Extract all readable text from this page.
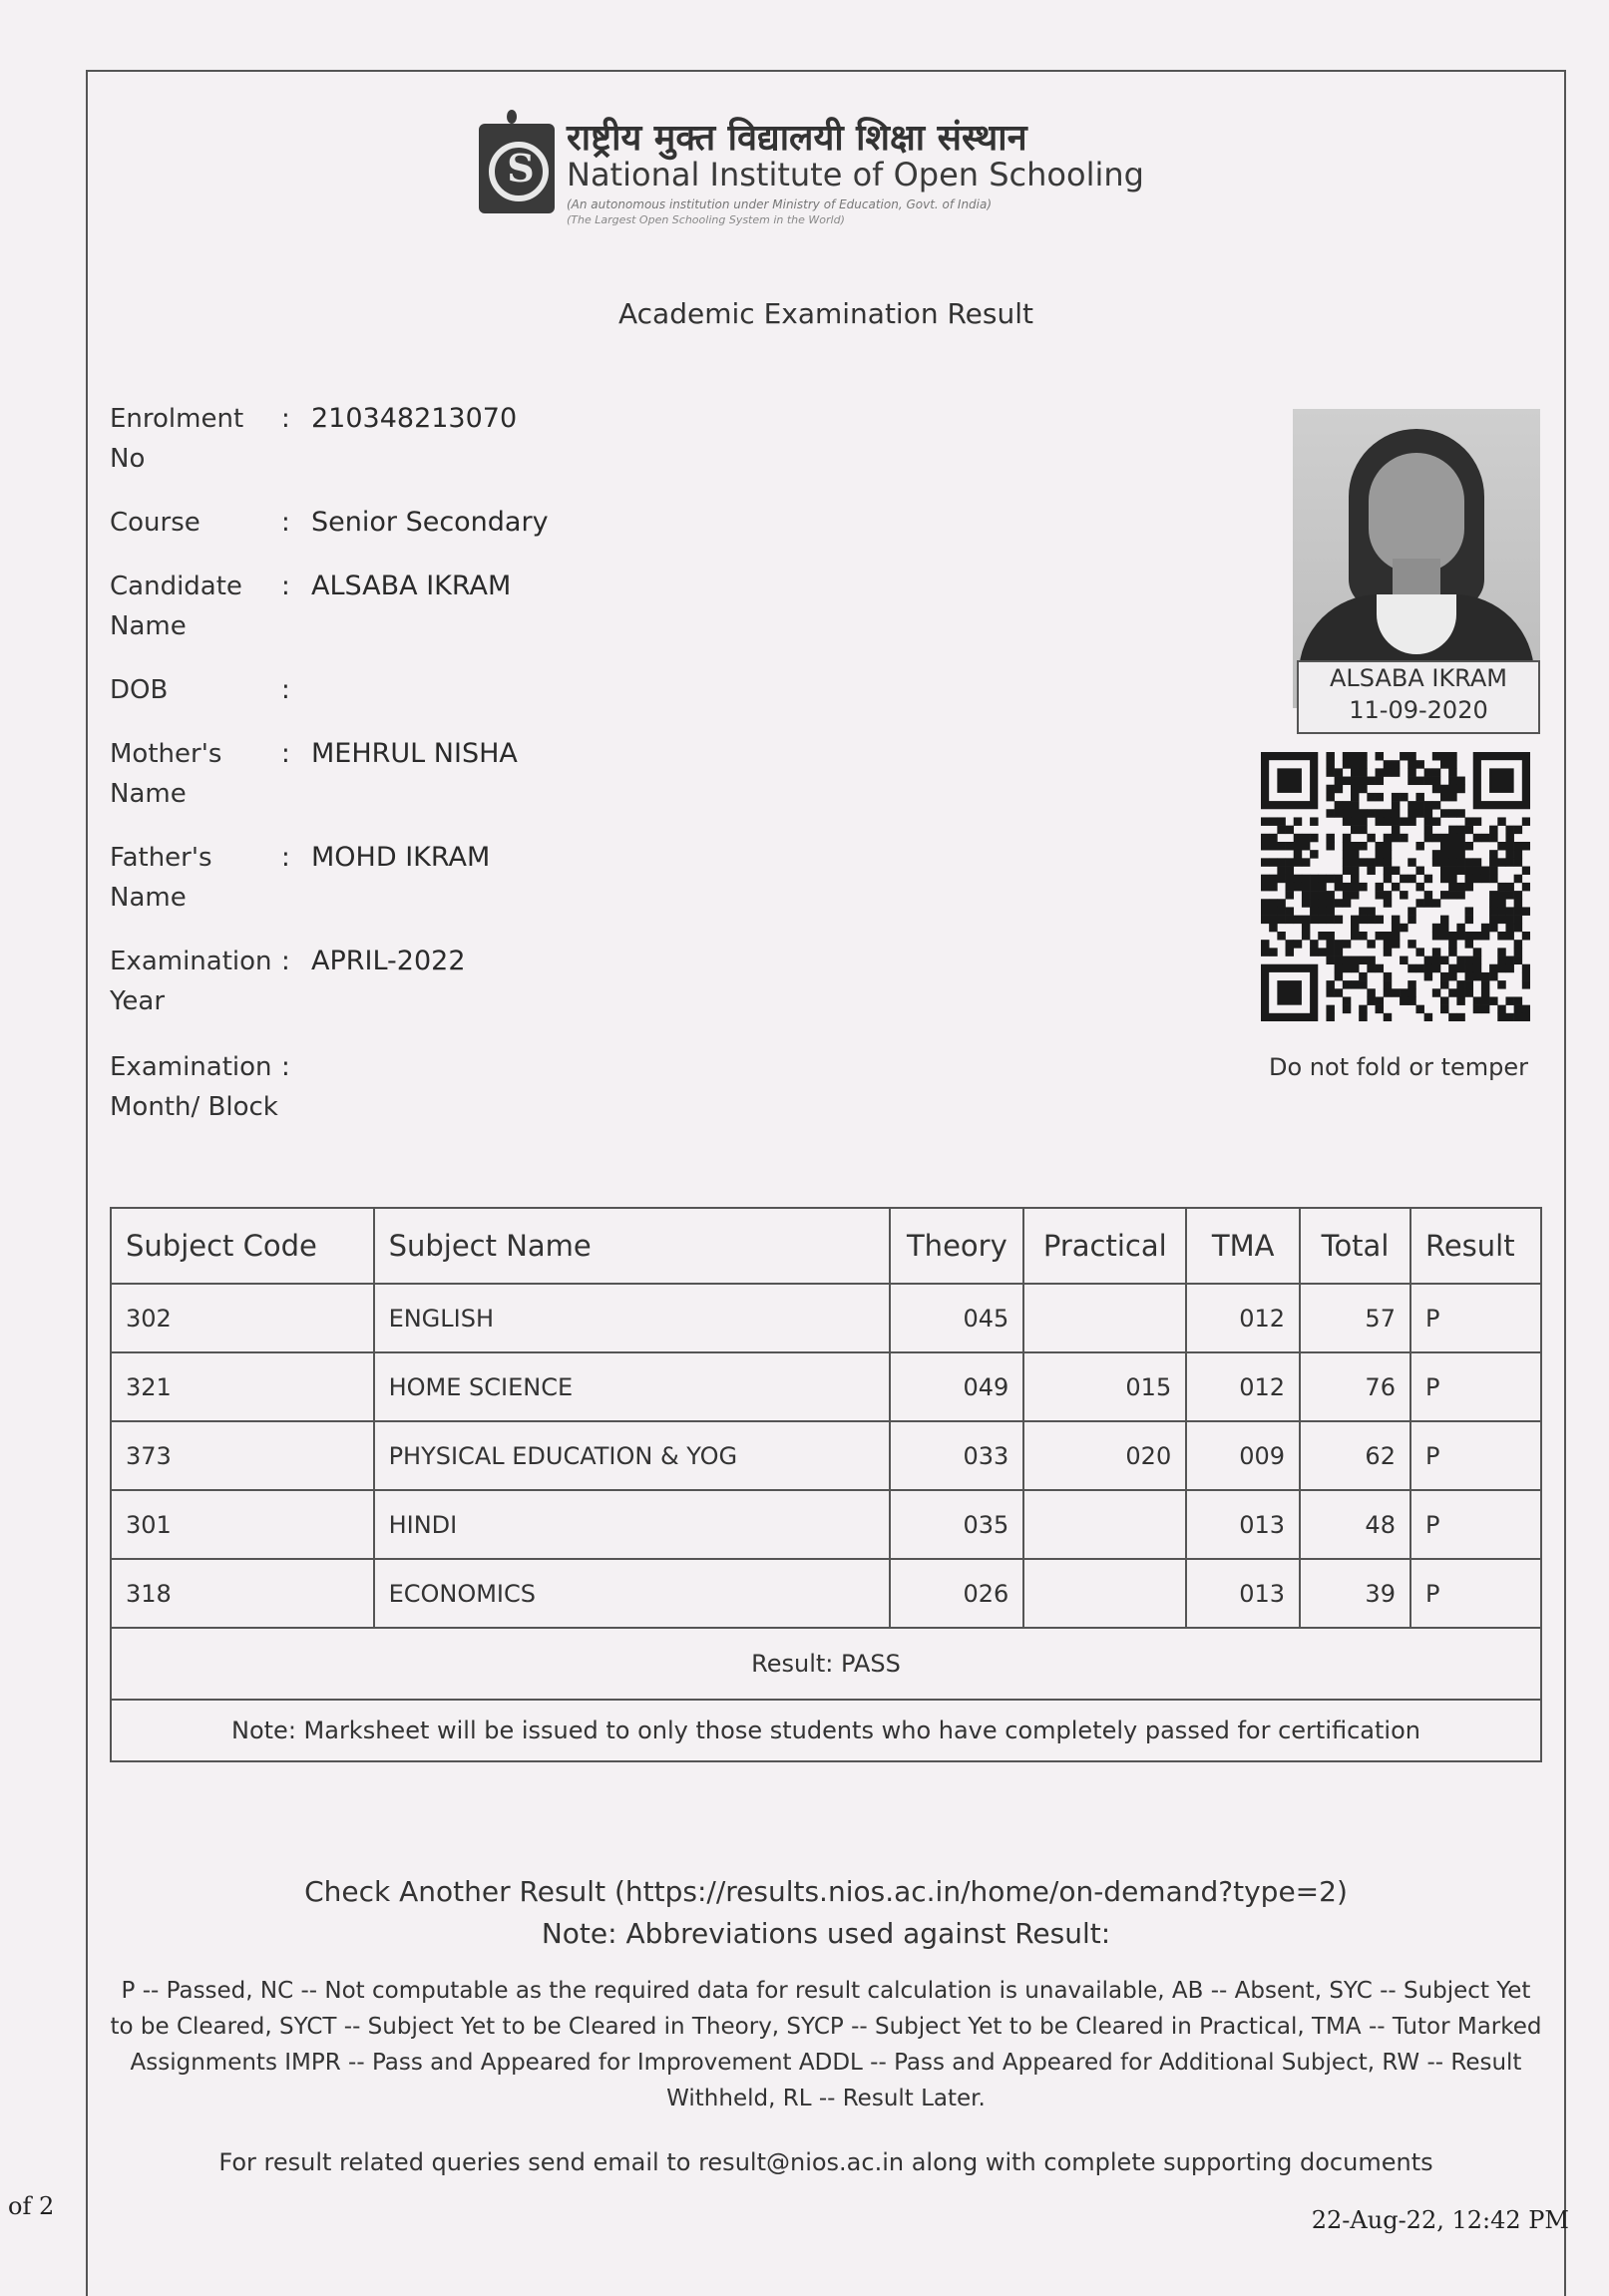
S
राष्ट्रीय मुक्त विद्यालयी शिक्षा संस्थान
National Institute of Open Schooling
(An autonomous institution under Ministry of Education, Govt. of India)
(The Largest Open Schooling System in the World)
Academic Examination Result
Enrolment No
: 210348213070
Course	: Senior Secondary
Candidate Name
: ALSABA IKRAM
DOB	:
Mother's Name
: MEHRUL NISHA
Father's Name
: MOHD IKRAM
Examination Year
: APRIL-2022
Examination Month/ Block
:
ALSABA IKRAM
11-09-2020
Do not fold or temper
Subject Code	Subject Name	Theory	Practical	TMA	Total	Result
302	ENGLISH	045		012	57	P
321	HOME SCIENCE	049	015	012	76	P
373	PHYSICAL EDUCATION & YOG	033	020	009	62	P
301	HINDI	035		013	48	P
318	ECONOMICS	026		013	39	P
Result: PASS						
Note: Marksheet will be issued to only those students who have completely passed for certification						
Check Another Result (https://results.nios.ac.in/home/on-demand?type=2)
Note: Abbreviations used against Result:
P -- Passed, NC -- Not computable as the required data for result calculation is unavailable, AB -- Absent, SYC -- Subject Yet to be Cleared, SYCT -- Subject Yet to be Cleared in Theory, SYCP -- Subject Yet to be Cleared in Practical, TMA -- Tutor Marked Assignments IMPR -- Pass and Appeared for Improvement ADDL -- Pass and Appeared for Additional Subject, RW -- Result Withheld, RL -- Result Later.
For result related queries send email to result@nios.ac.in along with complete supporting documents
of 2	22-Aug-22, 12:42 PM
